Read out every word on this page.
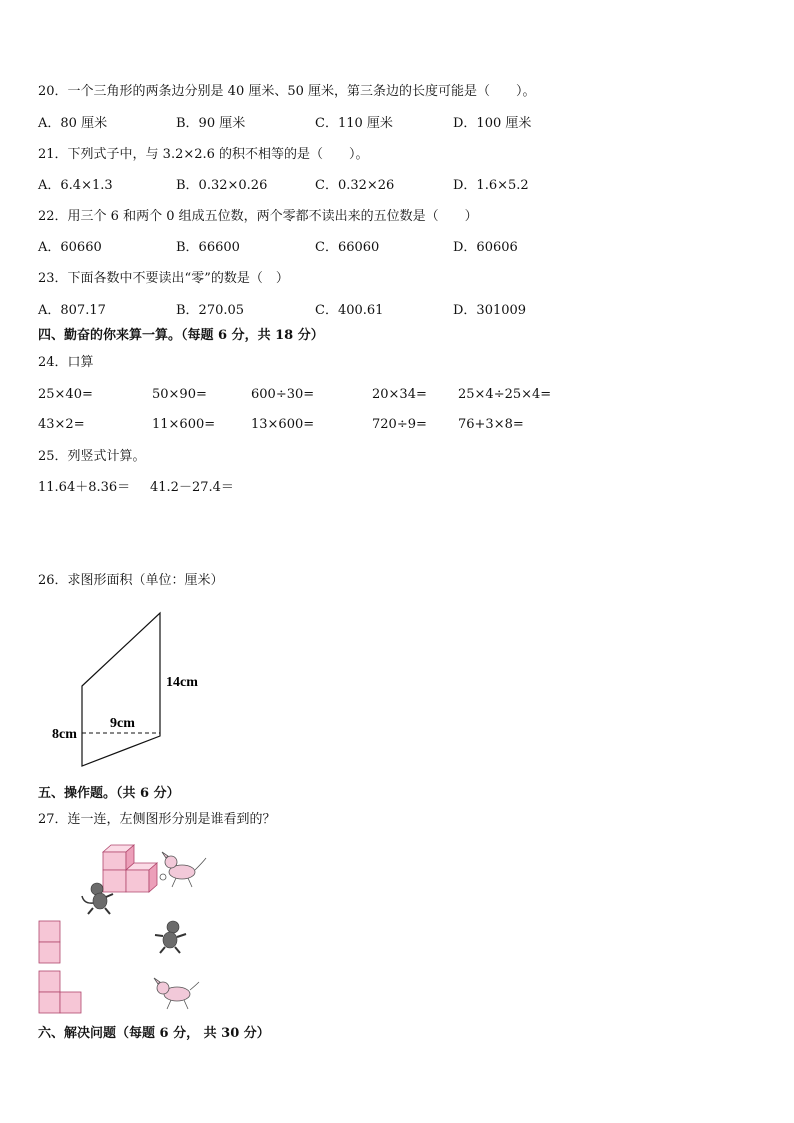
20．一个三角形的两条边分别是 40 厘米、50 厘米，第三条边的长度可能是（　　）。
A．80 厘米	B．90 厘米	C．110 厘米	D．100 厘米
21．下列式子中，与 3.2×2.6 的积不相等的是（　　）。
A．6.4×1.3	B．0.32×0.26	C．0.32×26	D．1.6×5.2
22．用三个 6 和两个 0 组成五位数，两个零都不读出来的五位数是（　　）
A．60660	B．66600	C．66060	D．60606
23．下面各数中不要读出“零”的数是（　）
A．807.17	B．270.05	C．400.61	D．301009
四、勤奋的你来算一算。（每题 6 分，共 18 分）
24．口算
25×40=	50×90=	600÷30=	20×34= 25×4÷25×4=
43×2=	11×600=	13×600=	720÷9= 76+3×8=
25．列竖式计算。
11.64＋8.36＝ 41.2－27.4＝
26．求图形面积（单位：厘米）
14cm
9cm
8cm
五、操作题。（共 6 分）
27．连一连，左侧图形分别是谁看到的？
六、解决问题（每题 6 分， 共 30 分）
